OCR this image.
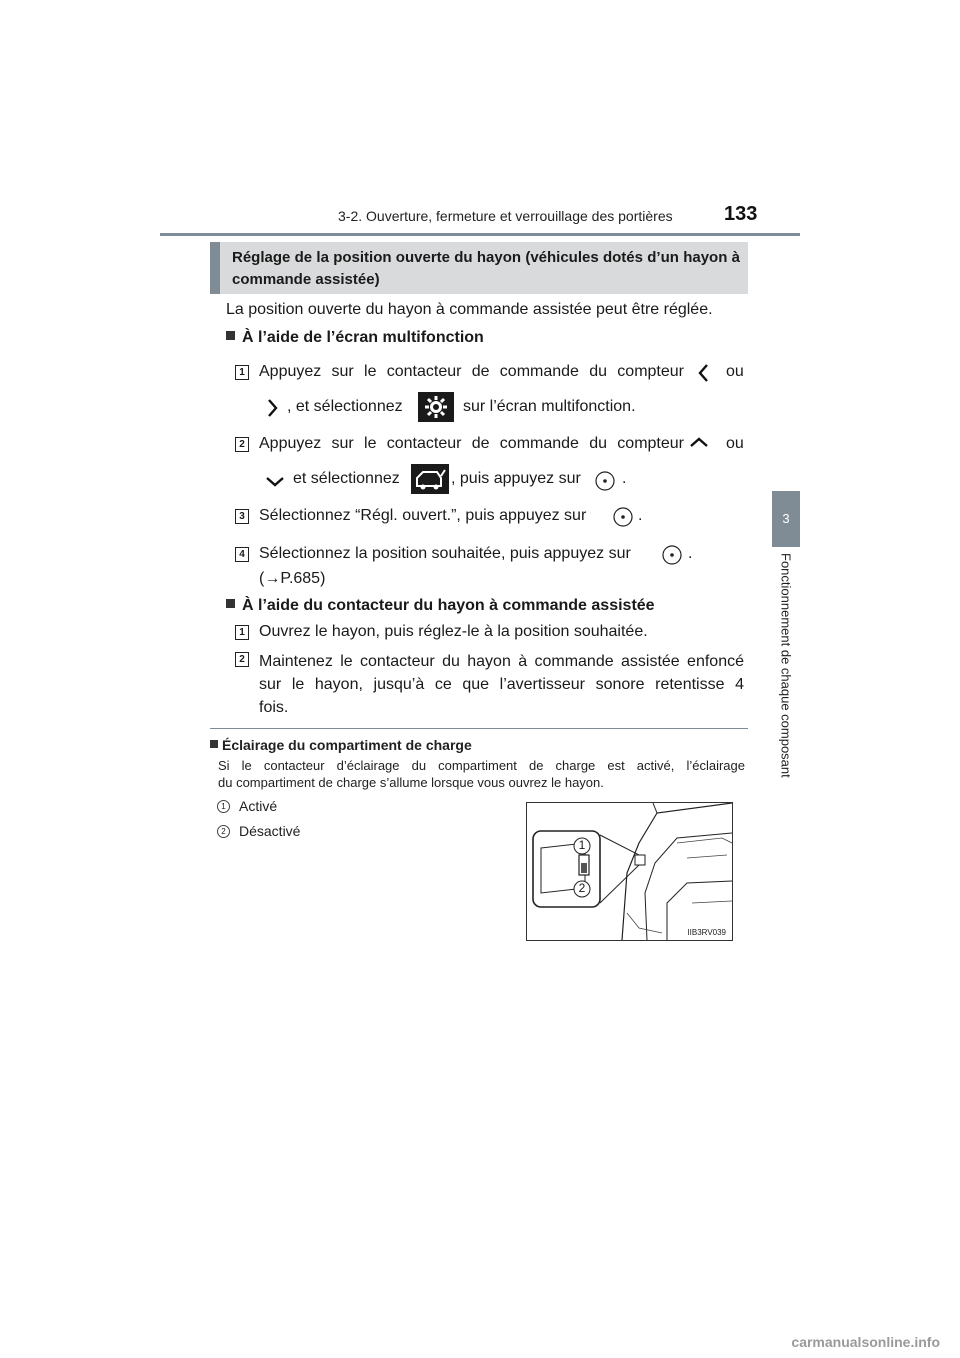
3-2. Ouverture, fermeture et verrouillage des portières	133
3
Fonctionnement de chaque composant
Réglage de la position ouverte du hayon (véhicules dotés d’un hayon à commande assistée)
La position ouverte du hayon à commande assistée peut être réglée.
À l’aide de l’écran multifonction
1 Appuyez sur le contacteur de commande du compteur	ou
, et sélectionnez	sur l’écran multifonction.
2 Appuyez sur le contacteur de commande du compteur	ou
et sélectionnez	, puis appuyez sur	.
3 Sélectionnez “Régl. ouvert.”, puis appuyez sur	.
4 Sélectionnez la position souhaitée, puis appuyez sur	.
(→P.685)
À l’aide du contacteur du hayon à commande assistée
1 Ouvrez le hayon, puis réglez-le à la position souhaitée.
2 Maintenez le contacteur du hayon à commande assistée enfoncé
sur le hayon, jusqu’à ce que l’avertisseur sonore retentisse 4
fois.
Éclairage du compartiment de charge
Si le contacteur d’éclairage du compartiment de charge est activé, l’éclairage
du compartiment de charge s’allume lorsque vous ouvrez le hayon.
1 Activé
2 Désactivé
1
2
IIB3RV039
carmanualsonline.info
